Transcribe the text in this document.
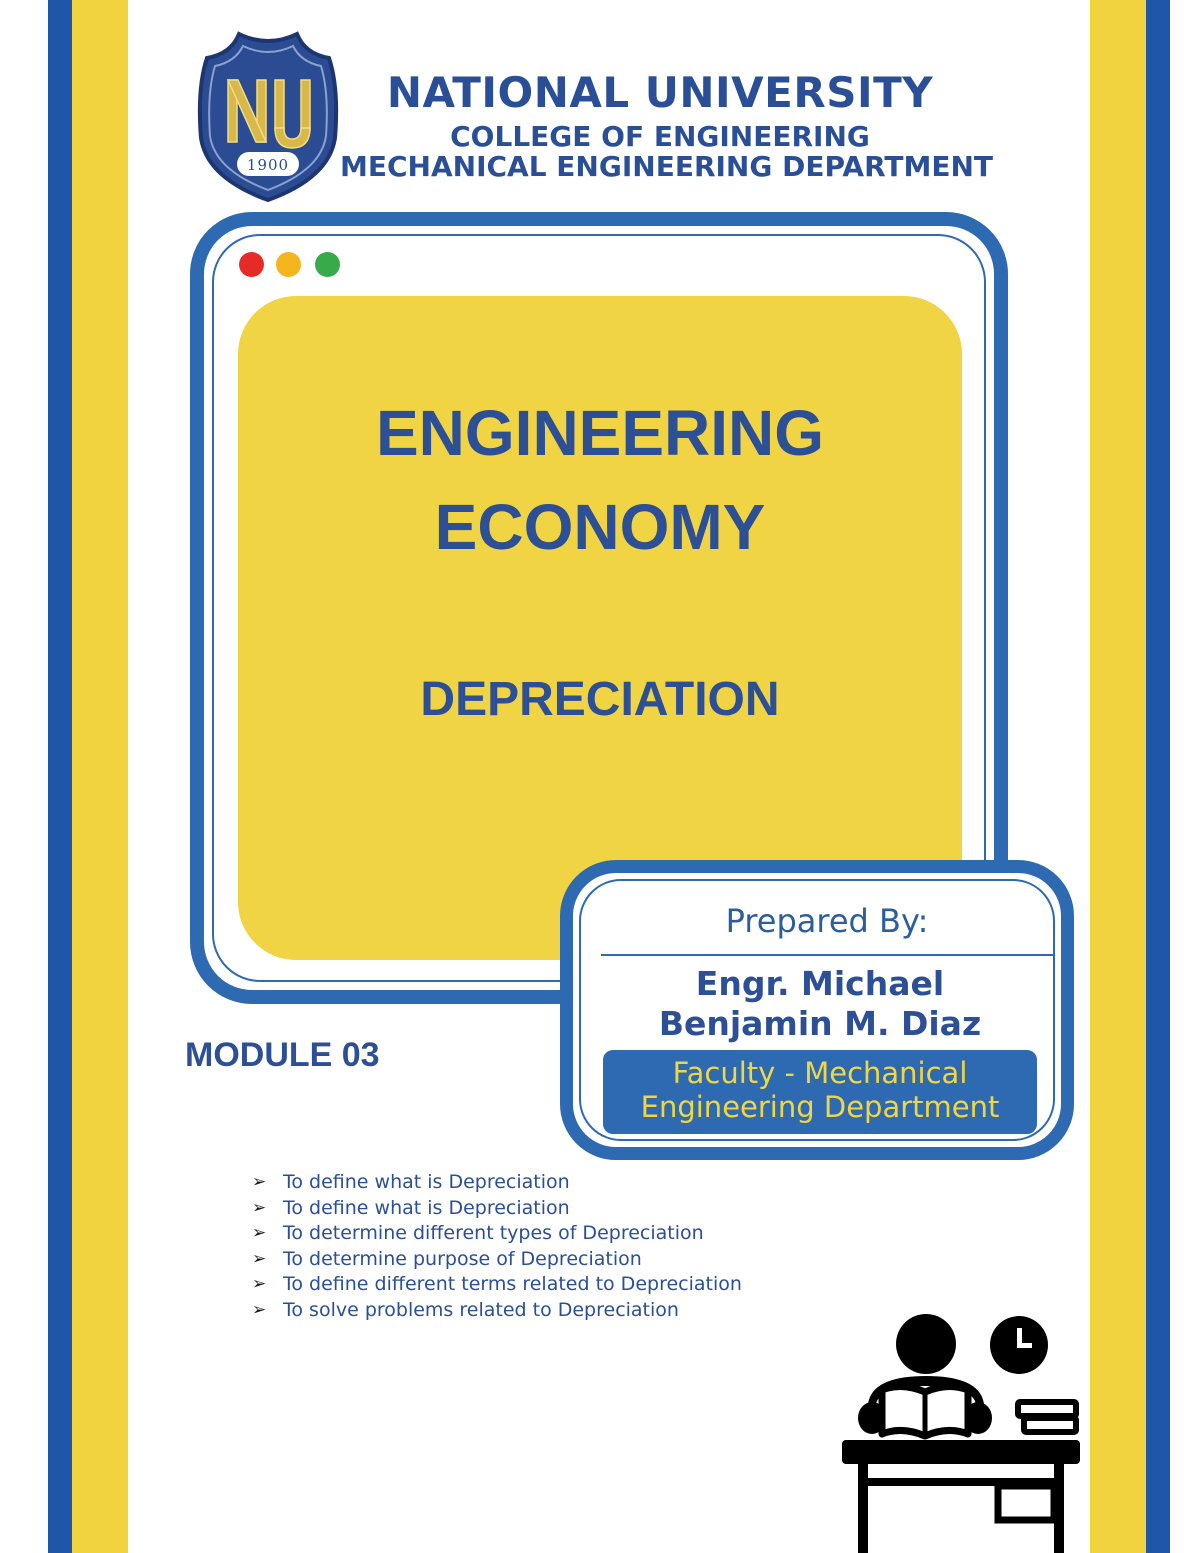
1900
NATIONAL UNIVERSITY
COLLEGE OF ENGINEERING
MECHANICAL ENGINEERING DEPARTMENT
ENGINEERING
ECONOMY
DEPRECIATION
Prepared By:
Engr. Michael
Benjamin M. Diaz
Faculty - Mechanical
Engineering Department
MODULE 03
➢ To define what is Depreciation
➢ To define what is Depreciation
➢ To determine different types of Depreciation
➢ To determine purpose of Depreciation
➢ To define different terms related to Depreciation
➢ To solve problems related to Depreciation
